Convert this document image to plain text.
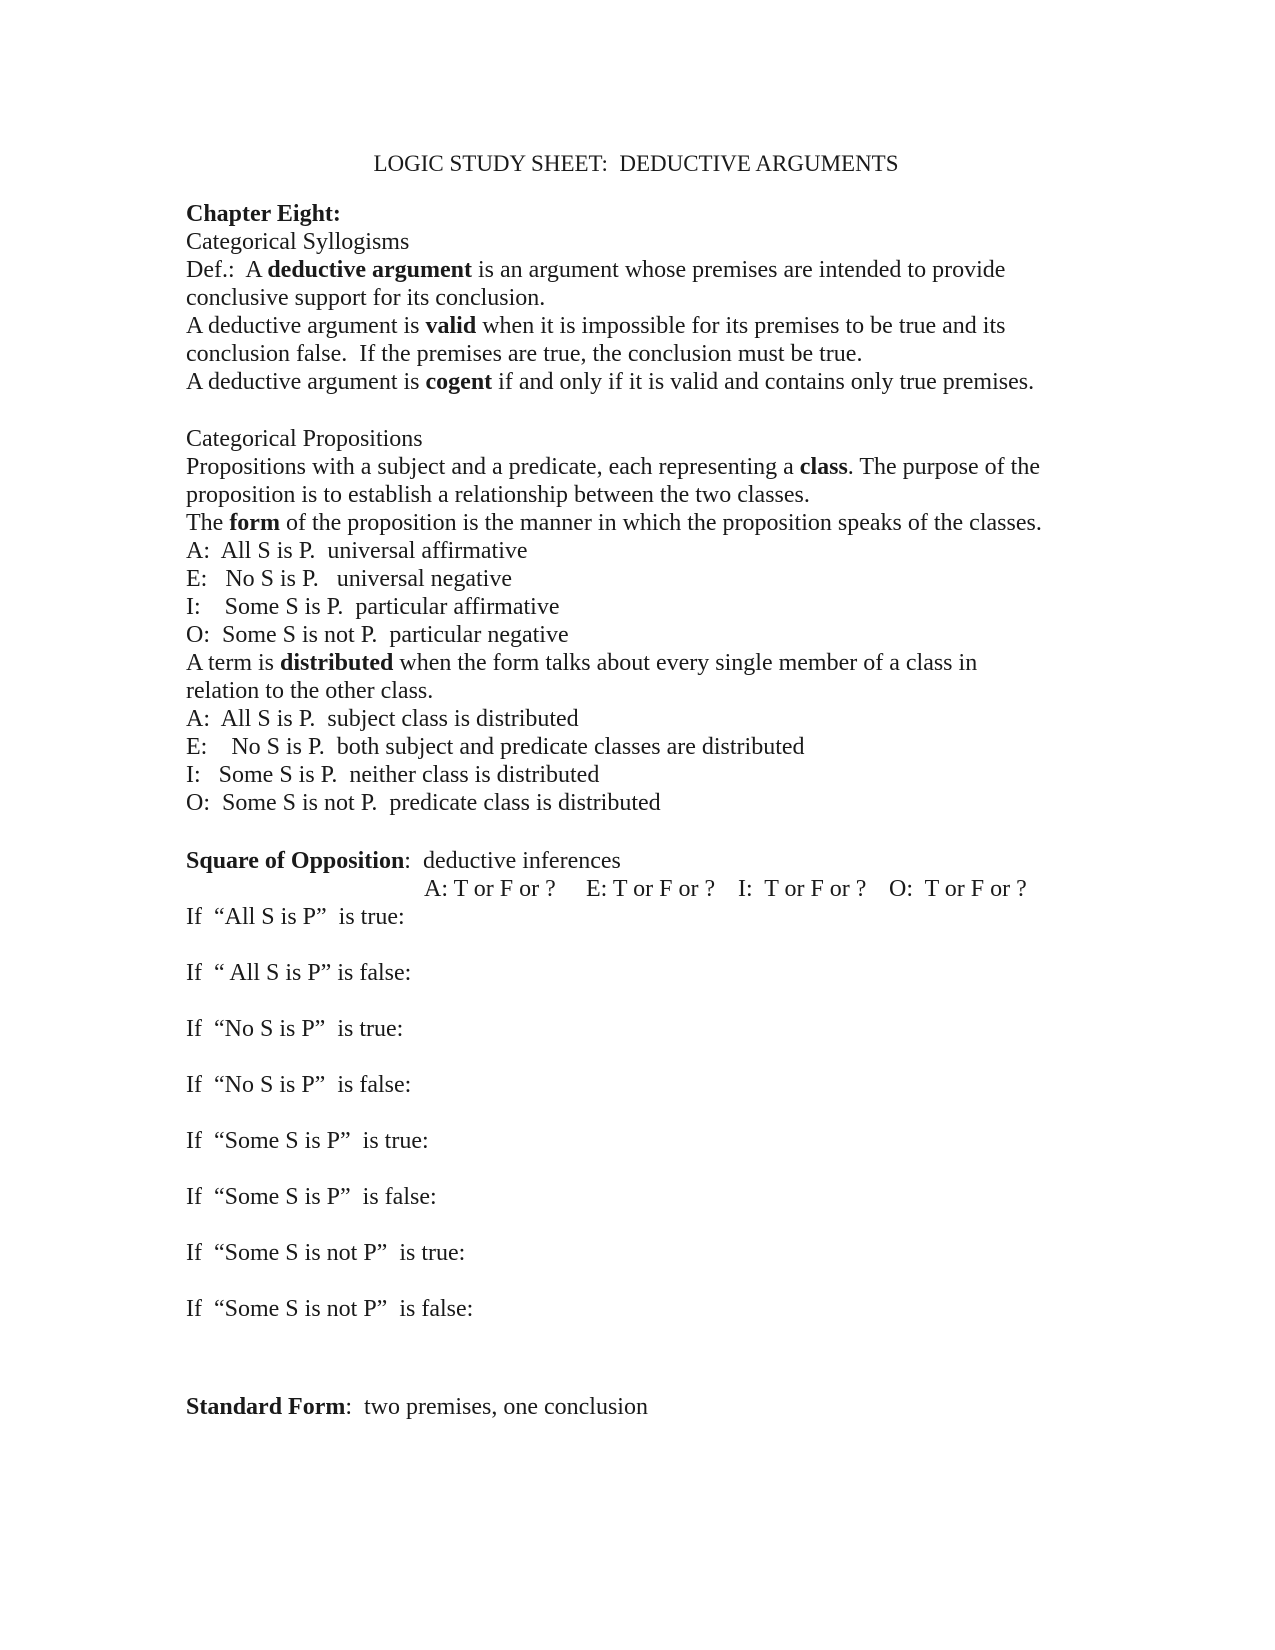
LOGIC STUDY SHEET:  DEDUCTIVE ARGUMENTS
Chapter Eight:
Categorical Syllogisms
Def.:  A deductive argument is an argument whose premises are intended to provide
conclusive support for its conclusion.
A deductive argument is valid when it is impossible for its premises to be true and its
conclusion false.  If the premises are true, the conclusion must be true.
A deductive argument is cogent if and only if it is valid and contains only true premises.
Categorical Propositions
Propositions with a subject and a predicate, each representing a class. The purpose of the
proposition is to establish a relationship between the two classes.
The form of the proposition is the manner in which the proposition speaks of the classes.
A:  All S is P.  universal affirmative
E:   No S is P.   universal negative
I:    Some S is P.  particular affirmative
O:  Some S is not P.  particular negative
A term is distributed when the form talks about every single member of a class in
relation to the other class.
A:  All S is P.  subject class is distributed
E:    No S is P.  both subject and predicate classes are distributed
I:   Some S is P.  neither class is distributed
O:  Some S is not P.  predicate class is distributed
Square of Opposition:  deductive inferences
A: T or F or ? E: T or F or ? I:  T or F or ? O:  T or F or ?
If  “All S is P”  is true:
If  “ All S is P” is false:
If  “No S is P”  is true:
If  “No S is P”  is false:
If  “Some S is P”  is true:
If  “Some S is P”  is false:
If  “Some S is not P”  is true:
If  “Some S is not P”  is false:
Standard Form:  two premises, one conclusion
